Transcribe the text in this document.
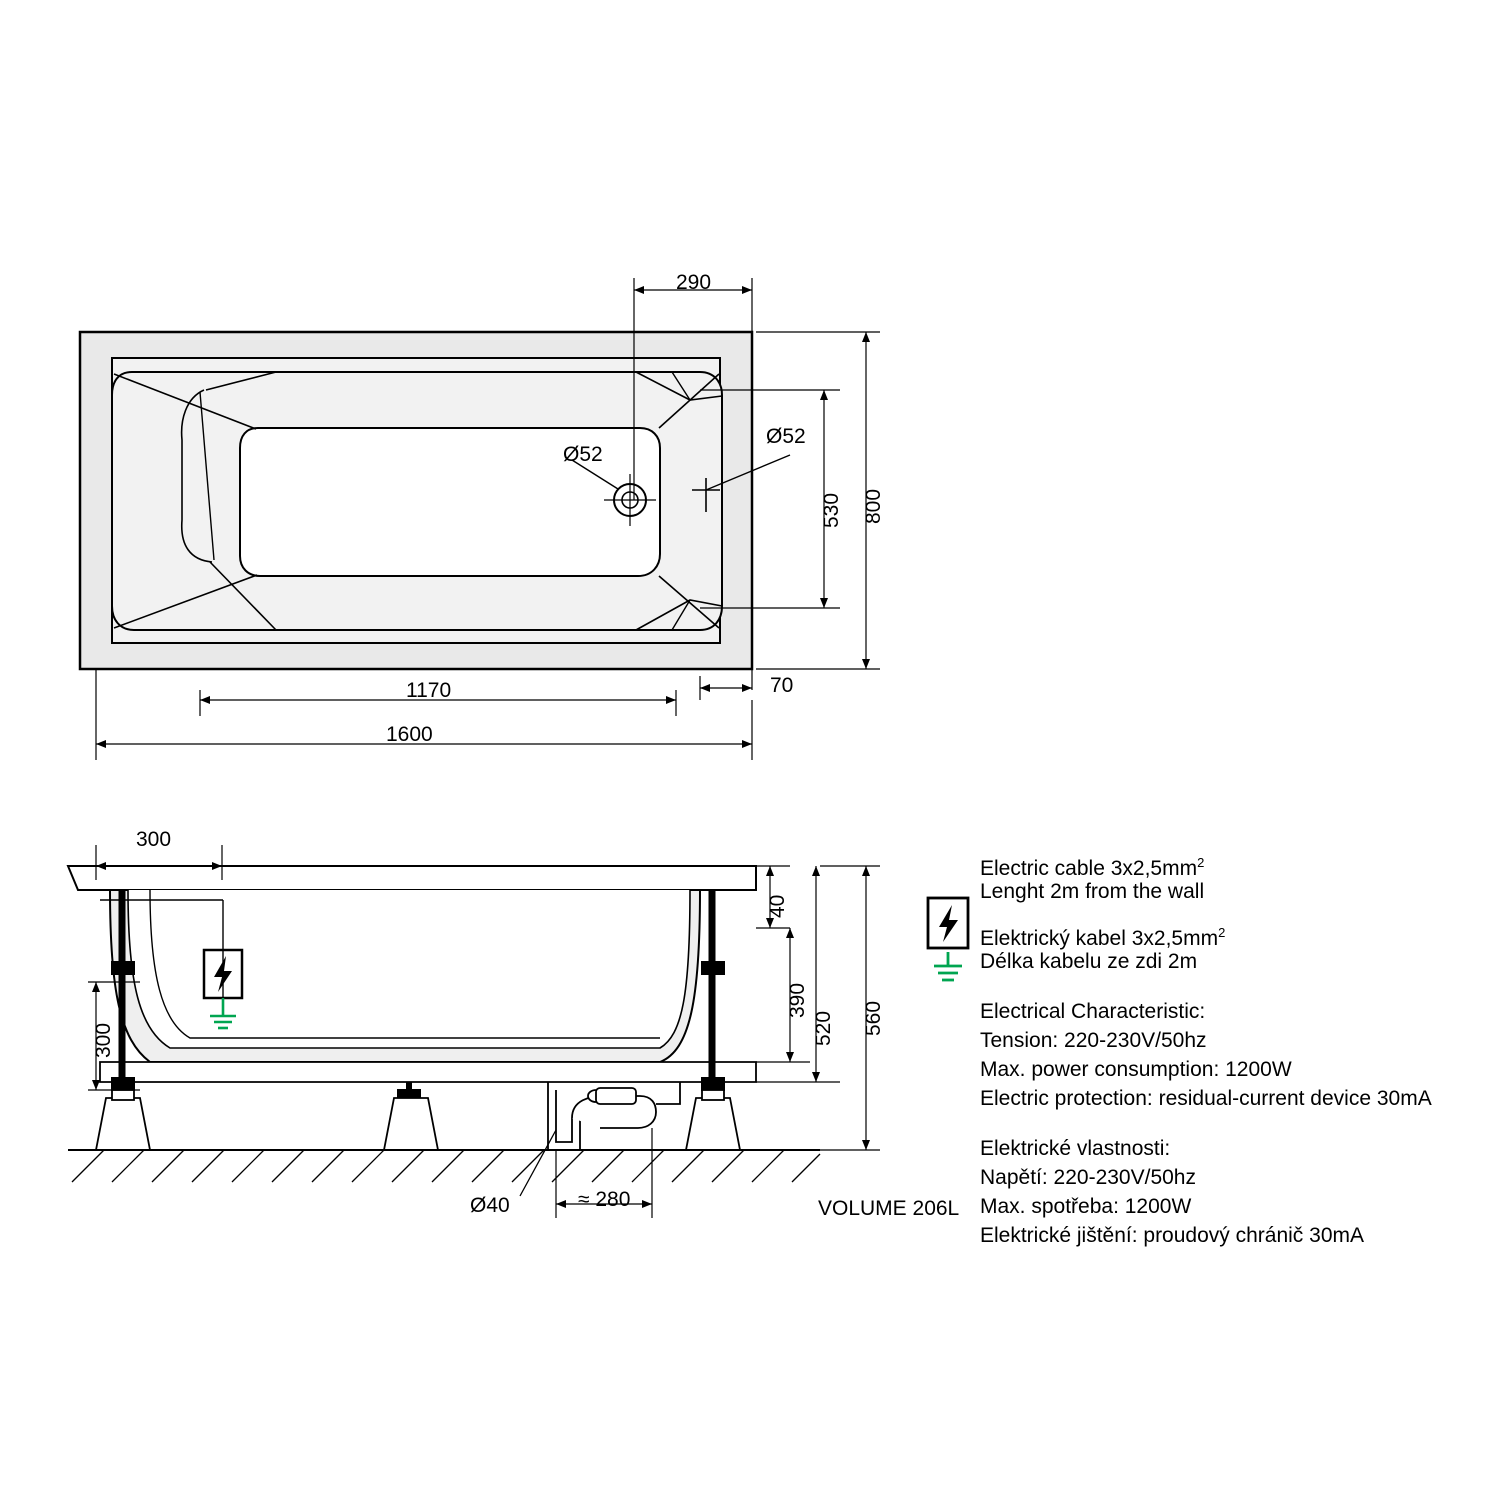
290
800
530
1170	70
1600
Ø52
Ø52
300
300
40
390
520 560
Ø40	≈ 280	VOLUME 206L
Electric cable $3x2,5mm^2$
Lenght 2m from the wall
Elektrický kabel $3x2,5mm^2$
Délka kabelu ze zdi 2m
Electrical Characteristic:
Tension: 220-230V/50hz
Max. power consumption: 1200W
Electric protection: residual-current device 30mA
Elektrické vlastnosti:
Napětí: 220-230V/50hz
Max. spotřeba: 1200W
Elektrické jištění: proudový chránič 30mA
